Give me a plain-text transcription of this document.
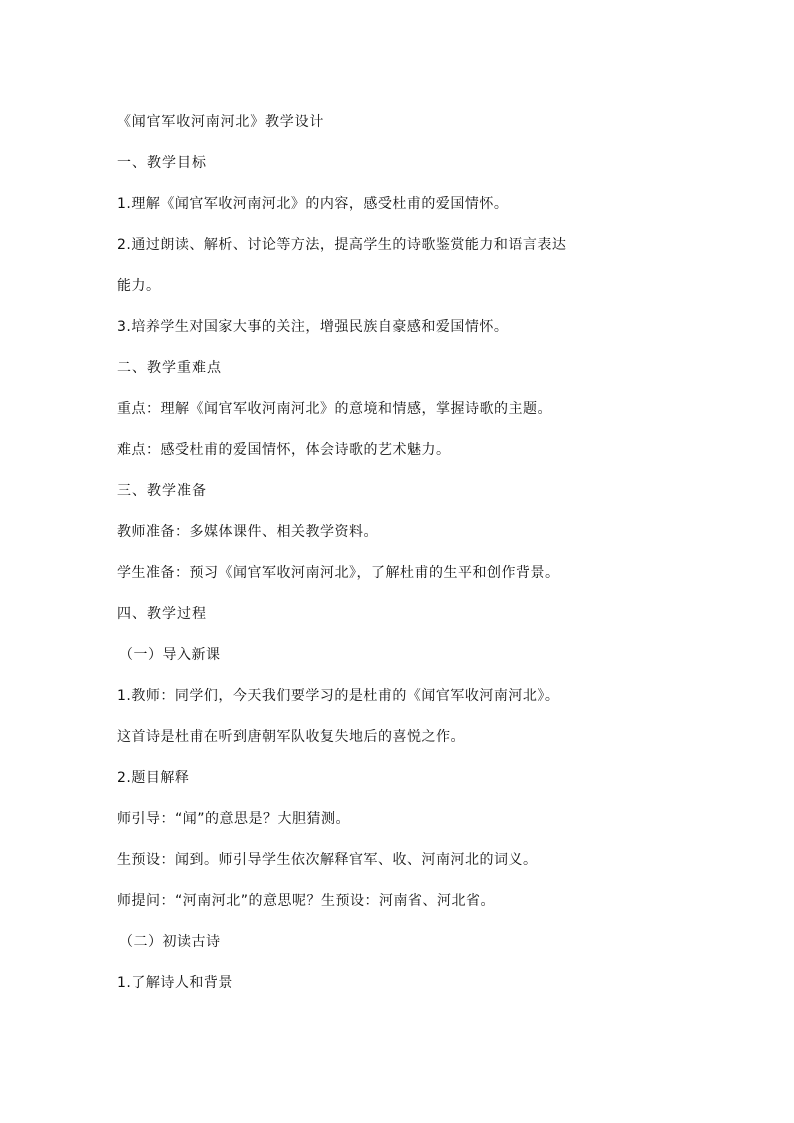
《闻官军收河南河北》教学设计
一、教学目标
1.理解《闻官军收河南河北》的内容，感受杜甫的爱国情怀。
2.通过朗读、解析、讨论等方法，提高学生的诗歌鉴赏能力和语言表达
能力。
3.培养学生对国家大事的关注，增强民族自豪感和爱国情怀。
二、教学重难点
重点：理解《闻官军收河南河北》的意境和情感，掌握诗歌的主题。
难点：感受杜甫的爱国情怀，体会诗歌的艺术魅力。
三、教学准备
教师准备：多媒体课件、相关教学资料。
学生准备：预习《闻官军收河南河北》，了解杜甫的生平和创作背景。
四、教学过程
（一）导入新课
1.教师：同学们，今天我们要学习的是杜甫的《闻官军收河南河北》。
这首诗是杜甫在听到唐朝军队收复失地后的喜悦之作。
2.题目解释
师引导：“闻”的意思是？大胆猜测。
生预设：闻到。师引导学生依次解释官军、收、河南河北的词义。
师提问：“河南河北”的意思呢？生预设：河南省、河北省。
（二）初读古诗
1.了解诗人和背景
